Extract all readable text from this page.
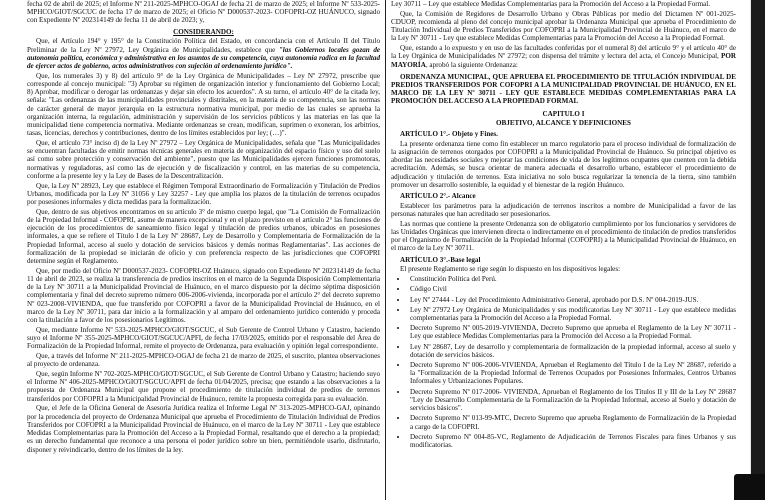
fecha 02 de abril de 2025; el Informe Nº 211-2025-MPHCO-OGAJ de fecha 21 de marzo de 2025; el Informe Nº 533-2025-MPHCO/GIOT/SGCUC de fecha 17 de marzo de 2025; el Oficio Nº D000537-2023- COFOPRI-OZ HUÁNUCO, signado con Expediente Nº 202314149 de fecha 11 de abril de 2023; y,

CONSIDERANDO:

Que, el Artículo 194° y 195° de la Constitución Política del Estado, en concordancia con el Artículo II del Título Preliminar de la Ley Nº 27972, Ley Orgánica de Municipalidades, establece que "las Gobiernos locales gozan de autonomía política, económica y administrativa en los asuntos de su competencia, cuya autonomía radica en la facultad de ejercer actos de gobierno, actos administrativos con sujeción al ordenamiento jurídico".

Que, los numerales 3) y 8) del artículo 9° de la Ley Orgánica de Municipalidades – Ley Nº 27972, prescribe que corresponde al concejo municipal: "3) Aprobar su régimen de organización interior y funcionamiento del Gobierno Local; 8) Aprobar, modificar o derogar las ordenanzas y dejar sin efecto los acuerdos". A su turno, el artículo 40° de la citada ley, señala: "Las ordenanzas de las municipalidades provinciales y distritales, en la materia de su competencia, son las normas de carácter general de mayor jerarquía en la estructura normativa municipal, por medio de las cuales se aprueba la organización interna, la regulación, administración y supervisión de los servicios públicos y las materias en las que la municipalidad tiene competencia normativa. Mediante ordenanzas se crean, modifican, suprimen o exoneran, los arbitrios, tasas, licencias, derechos y contribuciones, dentro de los límites establecidos por ley; (…)".

Que, el artículo 73° inciso d) de la Ley Nº 27972 – Ley Orgánica de Municipalidades, señala que "Las Municipalidades se encuentran facultadas de emitir normas técnicas generales en materia de organización del espacio físico y uso del suelo así como sobre protección y conservación del ambiente", puesto que las Municipalidades ejercen funciones promotoras, normativas y reguladoras, así como las de ejecución y de fiscalización y control, en las materias de su competencia, conforme a la presente ley y la Ley de Bases de la Descentralización.

Que, la Ley Nº 28923, Ley que establece el Régimen Temporal Extraordinario de Formalización y Titulación de Predios Urbanos, modificada por la Ley Nº 31056 y Ley 32257 - Ley que amplía los plazos de la titulación de terrenos ocupados por posesiones informales y dicta medidas para la formalización.

Que, dentro de sus objetivos encontramos en su artículo 3° de mismo cuerpo legal, que "La Comisión de Formalización de la Propiedad Informal - COFOPRI, asume de manera excepcional y en el plazo previsto en el artículo 2° las funciones de ejecución de los procedimientos de saneamiento físico legal y titulación de predios urbanos, ubicados en posesiones informales, a que se refiere el Título I de la Ley Nº 28687, Ley de Desarrollo y Complementaria de Formalización de la Propiedad Informal, acceso al suelo y dotación de servicios básicos y demás normas Reglamentarias". Las acciones de formalización de la propiedad se iniciarán de oficio y con preferencia respecto de las jurisdicciones que COFOPRI determine según el Reglamento.

Que, por medio del Oficio Nº D000537-2023- COFOPRI-OZ Huánuco, signado con Expediente Nº 202314149 de fecha 11 de abril de 2023, se realiza la transferencia de predios inscritos en el marco de la Segunda Disposición Complementaria de la Ley Nº 30711 a la Municipalidad Provincial de Huánuco, en el marco dispuesto por la décimo séptima disposición complementaria y final del decreto supremo número 006-2006-vivienda, incorporada por el artículo 2° del decreto supremo Nº 023-2008-VIVIENDA, que fue transferido por COFOPRI a favor de la Municipalidad Provincial de Huánuco, en el marco de la Ley Nº 30711, para dar inicio a la formalización y al amparo del ordenamiento jurídico contenido y proceda con la titulación a favor de los posesionarios Legítimos.

Que, mediante Informe Nº 533-2025-MPHCO/GIOT/SGCUC, el Sub Gerente de Control Urbano y Catastro, haciendo suyo el Informe Nº 355-2025-MPHCO/GIOT/SGCUC/APFI, de fecha 17/03/2025, emitido por el responsable del Área de Formalización de la Propiedad Informal, remite el proyecto de Ordenanza, para evaluación y opinión legal correspondiente.

Que, a través del Informe Nº 211-2025-MPHCO-OGAJ de fecha 21 de marzo de 2025, el suscrito, plantea observaciones al proyecto de ordenanza.

Que, según Informe Nº 702-2025-MPHCO/GIOT/SGCUC, el Sub Gerente de Control Urbano y Catastro; haciendo suyo el Informe Nº 406-2025-MPHCO/GIOT/SGCUC/APFI de fecha 01/04/2025, precisa; que estando a las observaciones a la propuesta de Ordenanza Municipal que propone el procedimiento de titulación individual de predios de terrenos transferidos por COFOPRI a la Municipalidad Provincial de Huánuco, remite la propuesta corregida para su evaluación.

Que, el Jefe de la Oficina General de Asesoría Jurídica realiza el Informe Legal Nº 313-2025-MPHCO-GAJ, opinando por la procedencia del proyecto de Ordenanza Municipal que aprueba el Procedimiento de Titulación Individual de Predios Transferidos por COFOPRI a la Municipalidad Provincial de Huánuco, en el marco de la Ley Nº 30711 - Ley que establece Medidas Complementarias para la Promoción del Acceso a la Propiedad Formal, resaltando que el derecho a la propiedad; es un derecho fundamental que reconoce a una persona el poder jurídico sobre un bien, permitiéndole usarlo, disfrutarlo, disponer y reivindicarlo, dentro de los límites de la ley.

Ley 30711 – Ley que establece Medidas Complementarias para la Promoción del Acceso a la Propiedad Formal.

Que, la Comisión de Regidores de Desarrollo Urbano y Obras Públicas por medio del Dictamen Nº 001-2025-CDUOP, recomienda al pleno del concejo municipal aprobar la Ordenanza Municipal que aprueba el Procedimiento de Titulación Individual de Predios Transferidos por COFOPRI a la Municipalidad Provincial de Huánuco, en el marco de la Ley Nº 30711 - Ley que establece Medidas Complementarias para la Promoción del Acceso a la Propiedad Formal.

Que, estando a lo expuesto y en uso de las facultades conferidas por el numeral 8) del artículo 9° y el artículo 40° de la Ley Orgánica de Municipalidades Nº 27972; con dispensa del trámite y lectura del acta, el Concejo Municipal, POR MAYORÍA, aprobó la siguiente Ordenanza:

ORDENANZA MUNICIPAL, QUE APRUEBA EL PROCEDIMIENTO DE TITULACIÓN INDIVIDUAL DE PREDIOS TRANSFERIDOS POR COFOPRI A LA MUNICIPALIDAD PROVINCIAL DE HUÁNUCO, EN EL MARCO DE LA LEY Nº 30711 - LEY QUE ESTABLECE MEDIDAS COMPLEMENTARIAS PARA LA PROMOCIÓN DEL ACCESO A LA PROPIEDAD FORMAL

CAPITULO I

OBJETIVO, ALCANCE Y DEFINICIONES

ARTÍCULO 1°.- Objeto y Fines.

La presente ordenanza tiene como fin establecer un marco regulatorio para el proceso individual de formalización de la asignación de terrenos otorgados por COFOPRI a la Municipalidad Provincial de Huánuco. Su principal objetivo es abordar las necesidades sociales y mejorar las condiciones de vida de los legítimos ocupantes que cuenten con la debida acreditación. Además, se busca orientar de manera adecuada el desarrollo urbano, establecer el procedimiento de adjudicación y titulación de terrenos. Esta iniciativa no solo busca regularizar la tenencia de la tierra, sino también promover un desarrollo sostenible, la equidad y el bienestar de la región Huánuco.

ARTÍCULO 2°.- Alcance

Establecer los parámetros para la adjudicación de terrenos inscritos a nombre de Municipalidad a favor de las personas naturales que han acreditado ser posesionarios.

Las normas que contiene la presente Ordenanza son de obligatorio cumplimiento por los funcionarios y servidores de las Unidades Orgánicas que intervienen directa o indirectamente en el procedimiento de titulación de predios transferidos por el Organismo de Formalización de la Propiedad Informal (COFOPRI) a la Municipalidad Provincial de Huánuco, en el marco de la Ley Nº 30711.

ARTÍCULO 3°.-Base legal

El presente Reglamento se rige según lo dispuesto en los dispositivos legales:

• Constitución Política del Perú.
• Código Civil
• Ley Nº 27444 - Ley del Procedimiento Administrativo General, aprobado por D.S. Nº 004-2019-JUS.
• Ley Nº 27972 Ley Orgánica de Municipalidades y sus modificatorias Ley Nº 30711 - Ley que establece medidas complementarias para la Promoción del Acceso a la Propiedad Formal.
• Decreto Supremo Nº 005-2019-VIVIENDA, Decreto Supremo que aprueba el Reglamento de la Ley Nº 30711 - Ley que establece Medidas Complementarias para la Promoción del Acceso a la Propiedad Formal.
• Ley Nº 28687, Ley de desarrollo y complementaria de formalización de la propiedad informal, acceso al suelo y dotación de servicios básicos.
• Decreto Supremo Nº 006-2006-VIVIENDA, Aprueban el Reglamento del Título I de la Ley Nº 28687, referido a la "Formalización de la Propiedad Informal de Terrenos Ocupados por Posesiones Informales, Centros Urbanos Informales y Urbanizaciones Populares.
• Decreto Supremo Nº 017-2006- VIVIENDA, Aprueban el Reglamento de los Títulos II y III de la Ley Nº 28687 "Ley de Desarrollo Complementaria de la Formalización de la Propiedad Informal, acceso al Suelo y dotación de servicios básicos".
• Decreto Supremo Nº 013-99-MTC, Decreto Supremo que aprueba Reglamento de Formalización de la Propiedad a cargo de la COFOPRI.
• Decreto Supremo Nº 004-85-VC, Reglamento de Adjudicación de Terrenos Fiscales para fines Urbanos y sus modificatorias.
